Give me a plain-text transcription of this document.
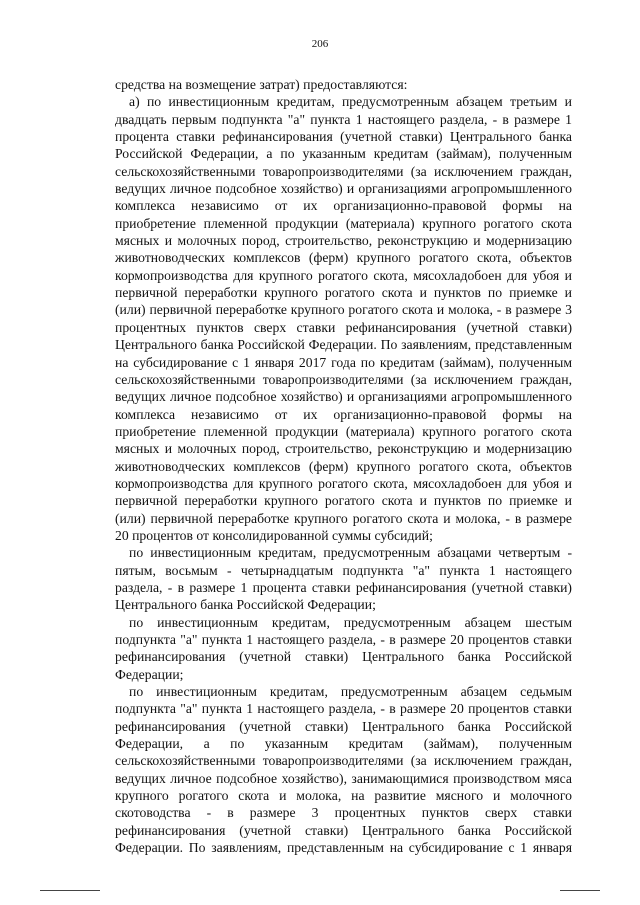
206
средства на возмещение затрат) предоставляются:
а) по инвестиционным кредитам, предусмотренным абзацем третьим и
двадцать первым подпункта "а" пункта 1 настоящего раздела, - в размере 1
процента ставки рефинансирования (учетной ставки) Центрального банка
Российской Федерации, а по указанным кредитам (займам), полученным
сельскохозяйственными товаропроизводителями (за исключением граждан,
ведущих личное подсобное хозяйство) и организациями агропромышленного
комплекса независимо от их организационно-правовой формы на
приобретение племенной продукции (материала) крупного рогатого скота
мясных и молочных пород, строительство, реконструкцию и модернизацию
животноводческих комплексов (ферм) крупного рогатого скота, объектов
кормопроизводства для крупного рогатого скота, мясохладобоен для убоя и
первичной переработки крупного рогатого скота и пунктов по приемке и
(или) первичной переработке крупного рогатого скота и молока, - в размере 3
процентных пунктов сверх ставки рефинансирования (учетной ставки)
Центрального банка Российской Федерации. По заявлениям, представленным
на субсидирование с 1 января 2017 года по кредитам (займам), полученным
сельскохозяйственными товаропроизводителями (за исключением граждан,
ведущих личное подсобное хозяйство) и организациями агропромышленного
комплекса независимо от их организационно-правовой формы на
приобретение племенной продукции (материала) крупного рогатого скота
мясных и молочных пород, строительство, реконструкцию и модернизацию
животноводческих комплексов (ферм) крупного рогатого скота, объектов
кормопроизводства для крупного рогатого скота, мясохладобоен для убоя и
первичной переработки крупного рогатого скота и пунктов по приемке и
(или) первичной переработке крупного рогатого скота и молока, - в размере
20 процентов от консолидированной суммы субсидий;
по инвестиционным кредитам, предусмотренным абзацами четвертым -
пятым, восьмым - четырнадцатым подпункта "а" пункта 1 настоящего
раздела, - в размере 1 процента ставки рефинансирования (учетной ставки)
Центрального банка Российской Федерации;
по инвестиционным кредитам, предусмотренным абзацем шестым
подпункта "а" пункта 1 настоящего раздела, - в размере 20 процентов ставки
рефинансирования (учетной ставки) Центрального банка Российской
Федерации;
по инвестиционным кредитам, предусмотренным абзацем седьмым
подпункта "а" пункта 1 настоящего раздела, - в размере 20 процентов ставки
рефинансирования (учетной ставки) Центрального банка Российской
Федерации, а по указанным кредитам (займам), полученным
сельскохозяйственными товаропроизводителями (за исключением граждан,
ведущих личное подсобное хозяйство), занимающимися производством мяса
крупного рогатого скота и молока, на развитие мясного и молочного
скотоводства - в размере 3 процентных пунктов сверх ставки
рефинансирования (учетной ставки) Центрального банка Российской
Федерации. По заявлениям, представленным на субсидирование с 1 января
